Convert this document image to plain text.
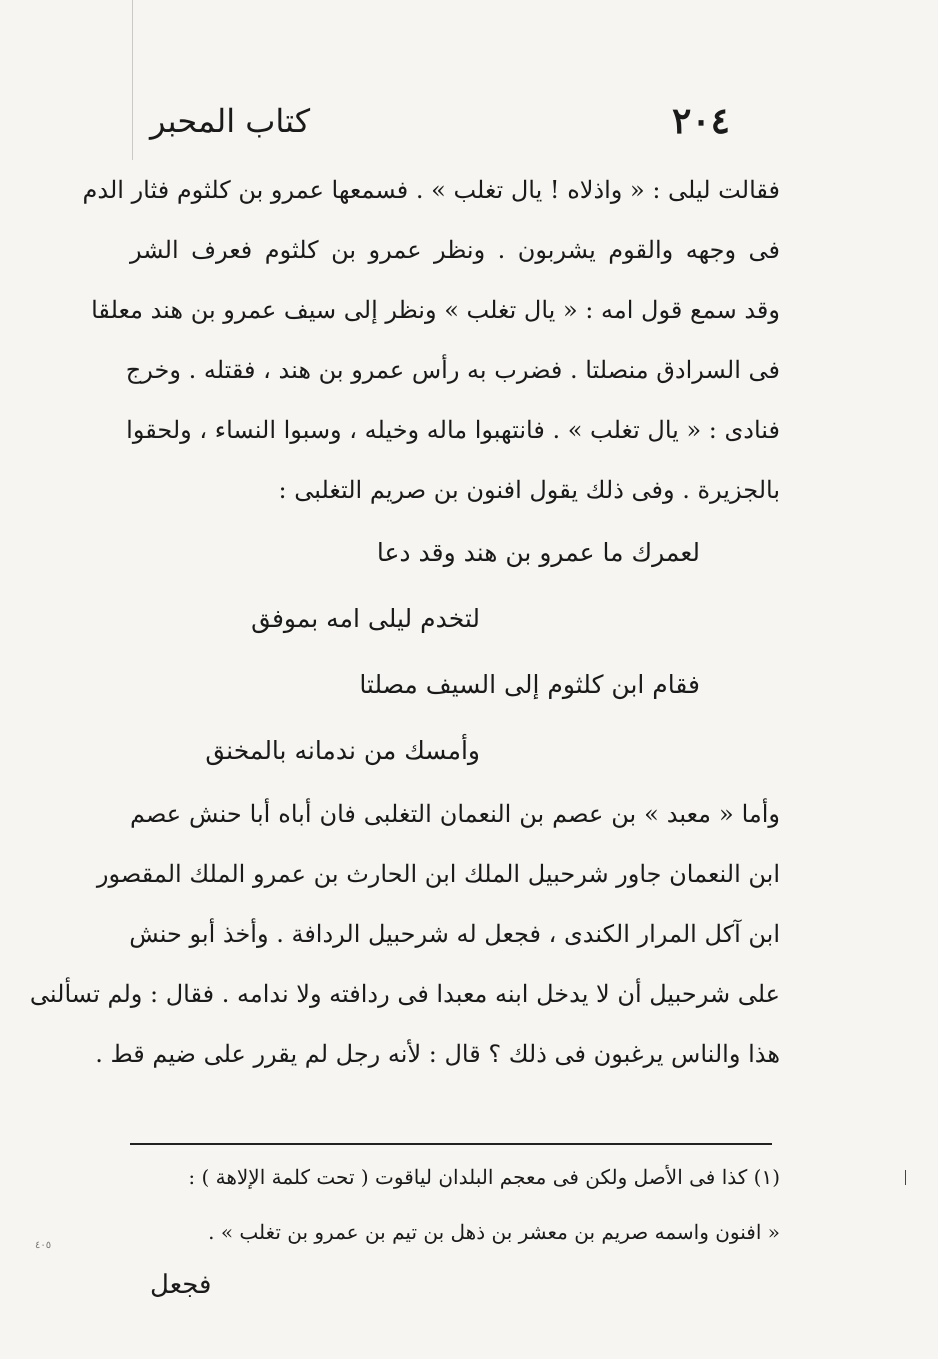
٢٠٤
كتاب المحبر
فقالت ليلى : « واذلاه ! يال تغلب » . فسمعها عمرو بن كلثوم فثار الدم
فى وجهه والقوم يشربون . ونظر عمرو بن كلثوم فعرف الشر
وقد سمع قول امه : « يال تغلب » ونظر إلى سيف عمرو بن هند معلقا
فى السرادق منصلتا . فضرب به رأس عمرو بن هند ، فقتله . وخرج
فنادى : « يال تغلب » . فانتهبوا ماله وخيله ، وسبوا النساء ، ولحقوا
بالجزيرة . وفى ذلك يقول افنون بن صريم التغلبى :
لعمرك ما عمرو بن هند وقد دعا
لتخدم ليلى امه بموفق
فقام ابن كلثوم إلى السيف مصلتا
وأمسك من ندمانه بالمخنق
وأما « معبد » بن عصم بن النعمان التغلبى فان أباه أبا حنش عصم
ابن النعمان جاور شرحبيل الملك ابن الحارث بن عمرو الملك المقصور
ابن آكل المرار الكندى ، فجعل له شرحبيل الردافة . وأخذ أبو حنش
على شرحبيل أن لا يدخل ابنه معبدا فى ردافته ولا ندامه . فقال : ولم تسألنى
هذا والناس يرغبون فى ذلك ؟ قال : لأنه رجل لم يقرر على ضيم قط .
(١) كذا فى الأصل ولكن فى معجم البلدان لياقوت ( تحت كلمة الإلاهة ) :
« افنون واسمه صريم بن معشر بن ذهل بن تيم بن عمرو بن تغلب » .
فجعل
٤٠٥
